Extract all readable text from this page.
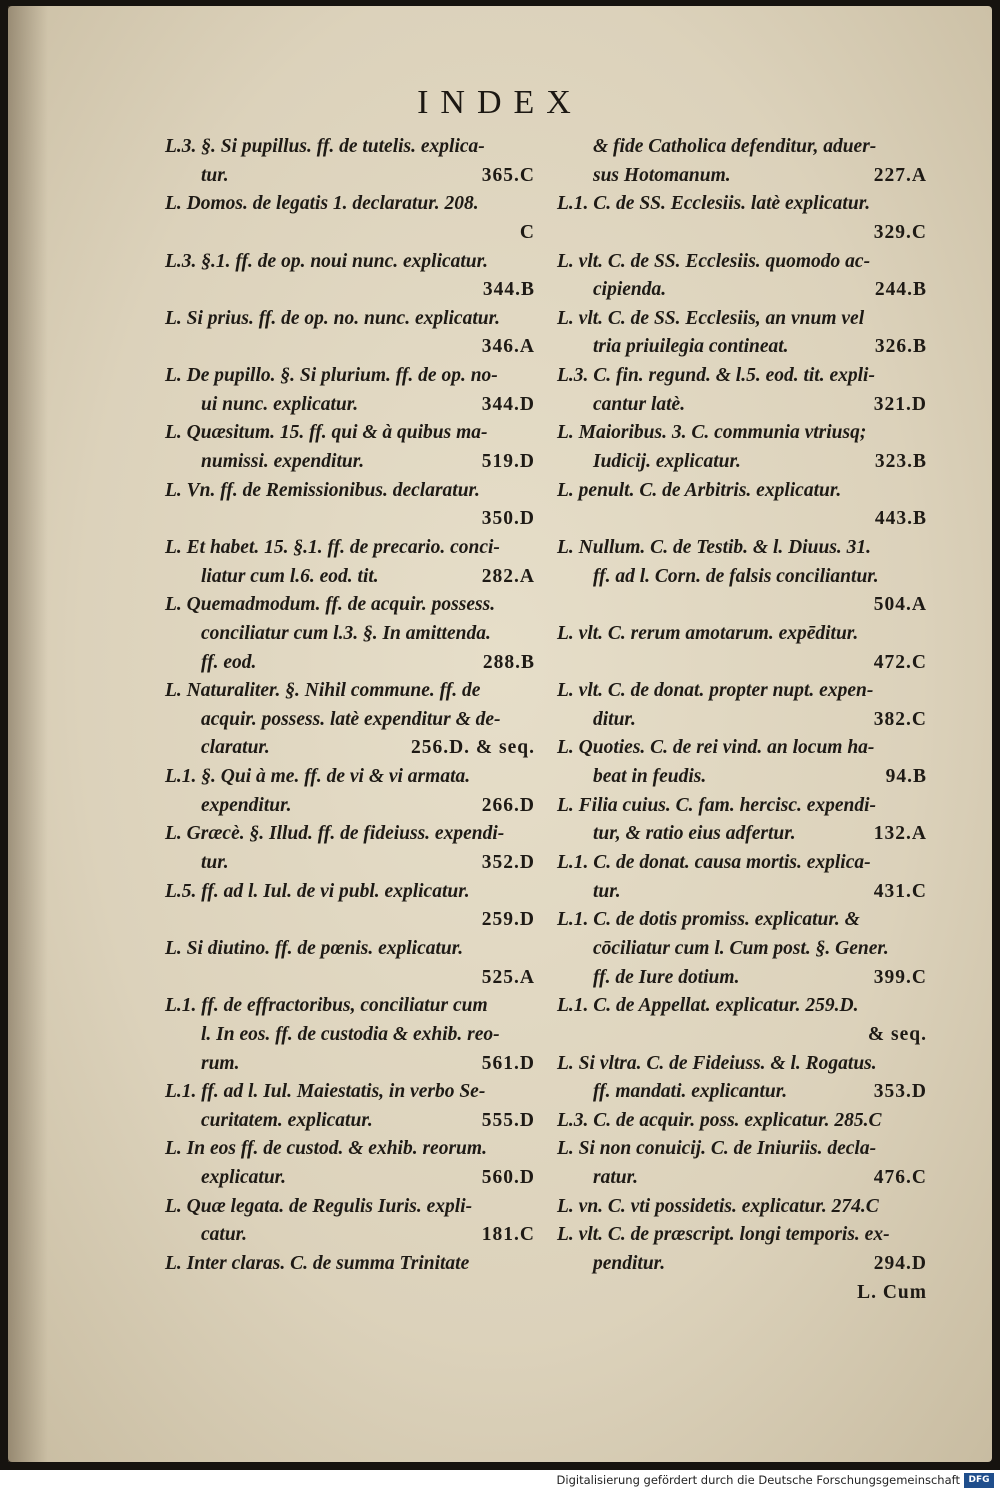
INDEX
L.3. §. Si pupillus. ff. de tutelis. explica-
tur.	365.C
L. Domos. de legatis 1. declaratur. 208.
C
L.3. §.1. ff. de op. noui nunc. explicatur.
344.B
L. Si prius. ff. de op. no. nunc. explicatur.
346.A
L. De pupillo. §. Si plurium. ff. de op. no-
ui nunc. explicatur.	344.D
L. Quæsitum. 15. ff. qui & à quibus ma-
numissi. expenditur.	519.D
L. Vn. ff. de Remissionibus. declaratur.
350.D
L. Et habet. 15. §.1. ff. de precario. conci-
liatur cum l.6. eod. tit.	282.A
L. Quemadmodum. ff. de acquir. possess.
conciliatur cum l.3. §. In amittenda.
ff. eod.	288.B
L. Naturaliter. §. Nihil commune. ff. de
acquir. possess. latè expenditur & de-
claratur.	256.D. & seq.
L.1. §. Qui à me. ff. de vi & vi armata.
expenditur.	266.D
L. Græcè. §. Illud. ff. de fideiuss. expendi-
tur.	352.D
L.5. ff. ad l. Iul. de vi publ. explicatur.
259.D
L. Si diutino. ff. de pœnis. explicatur.
525.A
L.1. ff. de effractoribus, conciliatur cum
l. In eos. ff. de custodia & exhib. reo-
rum.	561.D
L.1. ff. ad l. Iul. Maiestatis, in verbo Se-
curitatem. explicatur.	555.D
L. In eos ff. de custod. & exhib. reorum.
explicatur.	560.D
L. Quæ legata. de Regulis Iuris. expli-
catur.	181.C
L. Inter claras. C. de summa Trinitate
& fide Catholica defenditur, aduer-
sus Hotomanum.	227.A
L.1. C. de SS. Ecclesiis. latè explicatur.
329.C
L. vlt. C. de SS. Ecclesiis. quomodo ac-
cipienda.	244.B
L. vlt. C. de SS. Ecclesiis, an vnum vel
tria priuilegia contineat.	326.B
L.3. C. fin. regund. & l.5. eod. tit. expli-
cantur latè.	321.D
L. Maioribus. 3. C. communia vtriusq;
Iudicij. explicatur.	323.B
L. penult. C. de Arbitris. explicatur.
443.B
L. Nullum. C. de Testib. & l. Diuus. 31.
ff. ad l. Corn. de falsis conciliantur.
504.A
L. vlt. C. rerum amotarum. expēditur.
472.C
L. vlt. C. de donat. propter nupt. expen-
ditur.	382.C
L. Quoties. C. de rei vind. an locum ha-
beat in feudis.	94.B
L. Filia cuius. C. fam. hercisc. expendi-
tur, & ratio eius adfertur.	132.A
L.1. C. de donat. causa mortis. explica-
tur.	431.C
L.1. C. de dotis promiss. explicatur. &
cōciliatur cum l. Cum post. §. Gener.
ff. de Iure dotium.	399.C
L.1. C. de Appellat. explicatur. 259.D.
& seq.
L. Si vltra. C. de Fideiuss. & l. Rogatus.
ff. mandati. explicantur.	353.D
L.3. C. de acquir. poss. explicatur. 285.C
L. Si non conuicij. C. de Iniuriis. decla-
ratur.	476.C
L. vn. C. vti possidetis. explicatur. 274.C
L. vlt. C. de præscript. longi temporis. ex-
penditur.	294.D
L. Cum
Digitalisierung gefördert durch die Deutsche Forschungsgemeinschaft DFG
